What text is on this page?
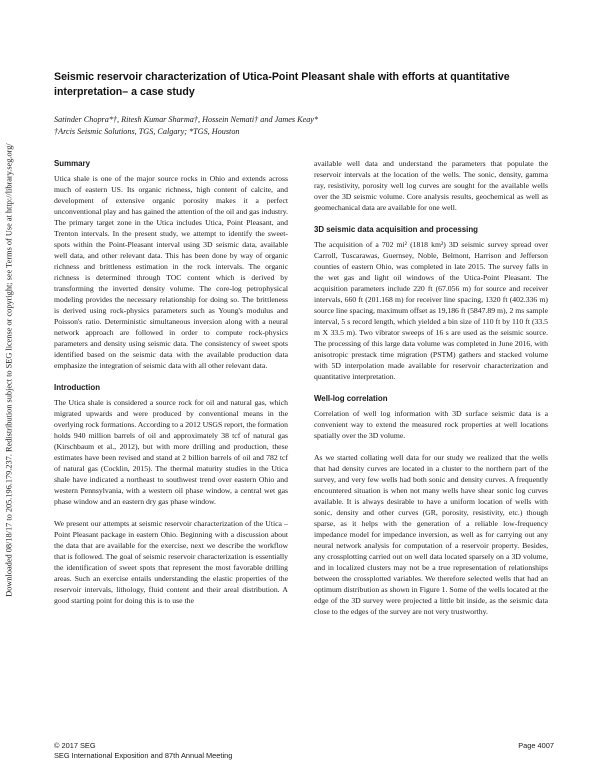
Downloaded 08/18/17 to 205.196.179.237. Redistribution subject to SEG license or copyright; see Terms of Use at http://library.seg.org/
Seismic reservoir characterization of Utica-Point Pleasant shale with efforts at quantitative interpretation– a case study
Satinder Chopra*†, Ritesh Kumar Sharma†, Hossein Nemati† and James Keay*
†Arcis Seismic Solutions, TGS, Calgary; *TGS, Houston
Summary

Utica shale is one of the major source rocks in Ohio and extends across much of eastern US. Its organic richness, high content of calcite, and development of extensive organic porosity makes it a perfect unconventional play and has gained the attention of the oil and gas industry. The primary target zone in the Utica includes Utica, Point Pleasant, and Trenton intervals. In the present study, we attempt to identify the sweet-spots within the Point-Pleasant interval using 3D seismic data, available well data, and other relevant data. This has been done by way of organic richness and brittleness estimation in the rock intervals. The organic richness is determined through TOC content which is derived by transforming the inverted density volume. The core-log petrophysical modeling provides the necessary relationship for doing so. The brittleness is derived using rock-physics parameters such as Young's modulus and Poisson's ratio. Deterministic simultaneous inversion along with a neural network approach are followed in order to compute rock-physics parameters and density using seismic data. The consistency of sweet spots identified based on the seismic data with the available production data emphasize the integration of seismic data with all other relevant data.

Introduction

The Utica shale is considered a source rock for oil and natural gas, which migrated upwards and were produced by conventional means in the overlying rock formations. According to a 2012 USGS report, the formation holds 940 million barrels of oil and approximately 38 tcf of natural gas (Kirschbaum et al., 2012), but with more drilling and production, these estimates have been revised and stand at 2 billion barrels of oil and 782 tcf of natural gas (Cocklin, 2015). The thermal maturity studies in the Utica shale have indicated a northeast to southwest trend over eastern Ohio and western Pennsylvania, with a western oil phase window, a central wet gas phase window and an eastern dry gas phase window.

We present our attempts at seismic reservoir characterization of the Utica – Point Pleasant package in eastern Ohio. Beginning with a discussion about the data that are available for the exercise, next we describe the workflow that is followed. The goal of seismic reservoir characterization is essentially the identification of sweet spots that represent the most favorable drilling areas. Such an exercise entails understanding the elastic properties of the reservoir intervals, lithology, fluid content and their areal distribution. A good starting point for doing this is to use the

available well data and understand the parameters that populate the reservoir intervals at the location of the wells. The sonic, density, gamma ray, resistivity, porosity well log curves are sought for the available wells over the 3D seismic volume. Core analysis results, geochemical as well as geomechanical data are available for one well.

3D seismic data acquisition and processing

The acquisition of a 702 mi² (1818 km²) 3D seismic survey spread over Carroll, Tuscarawas, Guernsey, Noble, Belmont, Harrison and Jefferson counties of eastern Ohio, was completed in late 2015. The survey falls in the wet gas and light oil windows of the Utica-Point Pleasant. The acquisition parameters include 220 ft (67.056 m) for source and receiver intervals, 660 ft (201.168 m) for receiver line spacing, 1320 ft (402.336 m) source line spacing, maximum offset as 19,186 ft (5847.89 m), 2 ms sample interval, 5 s record length, which yielded a bin size of 110 ft by 110 ft (33.5 m X 33.5 m). Two vibrator sweeps of 16 s are used as the seismic source. The processing of this large data volume was completed in June 2016, with anisotropic prestack time migration (PSTM) gathers and stacked volume with 5D interpolation made available for reservoir characterization and quantitative interpretation.

Well-log correlation

Correlation of well log information with 3D surface seismic data is a convenient way to extend the measured rock properties at well locations spatially over the 3D volume.

As we started collating well data for our study we realized that the wells that had density curves are located in a cluster to the northern part of the survey, and very few wells had both sonic and density curves. A frequently encountered situation is when not many wells have shear sonic log curves available. It is always desirable to have a uniform location of wells with sonic, density and other curves (GR, porosity, resistivity, etc.) though sparse, as it helps with the generation of a reliable low-frequency impedance model for impedance inversion, as well as for carrying out any neural network analysis for computation of a reservoir property. Besides, any crossplotting carried out on well data located sparsely on a 3D volume, and in localized clusters may not be a true representation of relationships between the crossplotted variables. We therefore selected wells that had an optimum distribution as shown in Figure 1. Some of the wells located at the edge of the 3D survey were projected a little bit inside, as the seismic data close to the edges of the survey are not very trustworthy.

© 2017 SEG
SEG International Exposition and 87th Annual Meeting
Page 4007
